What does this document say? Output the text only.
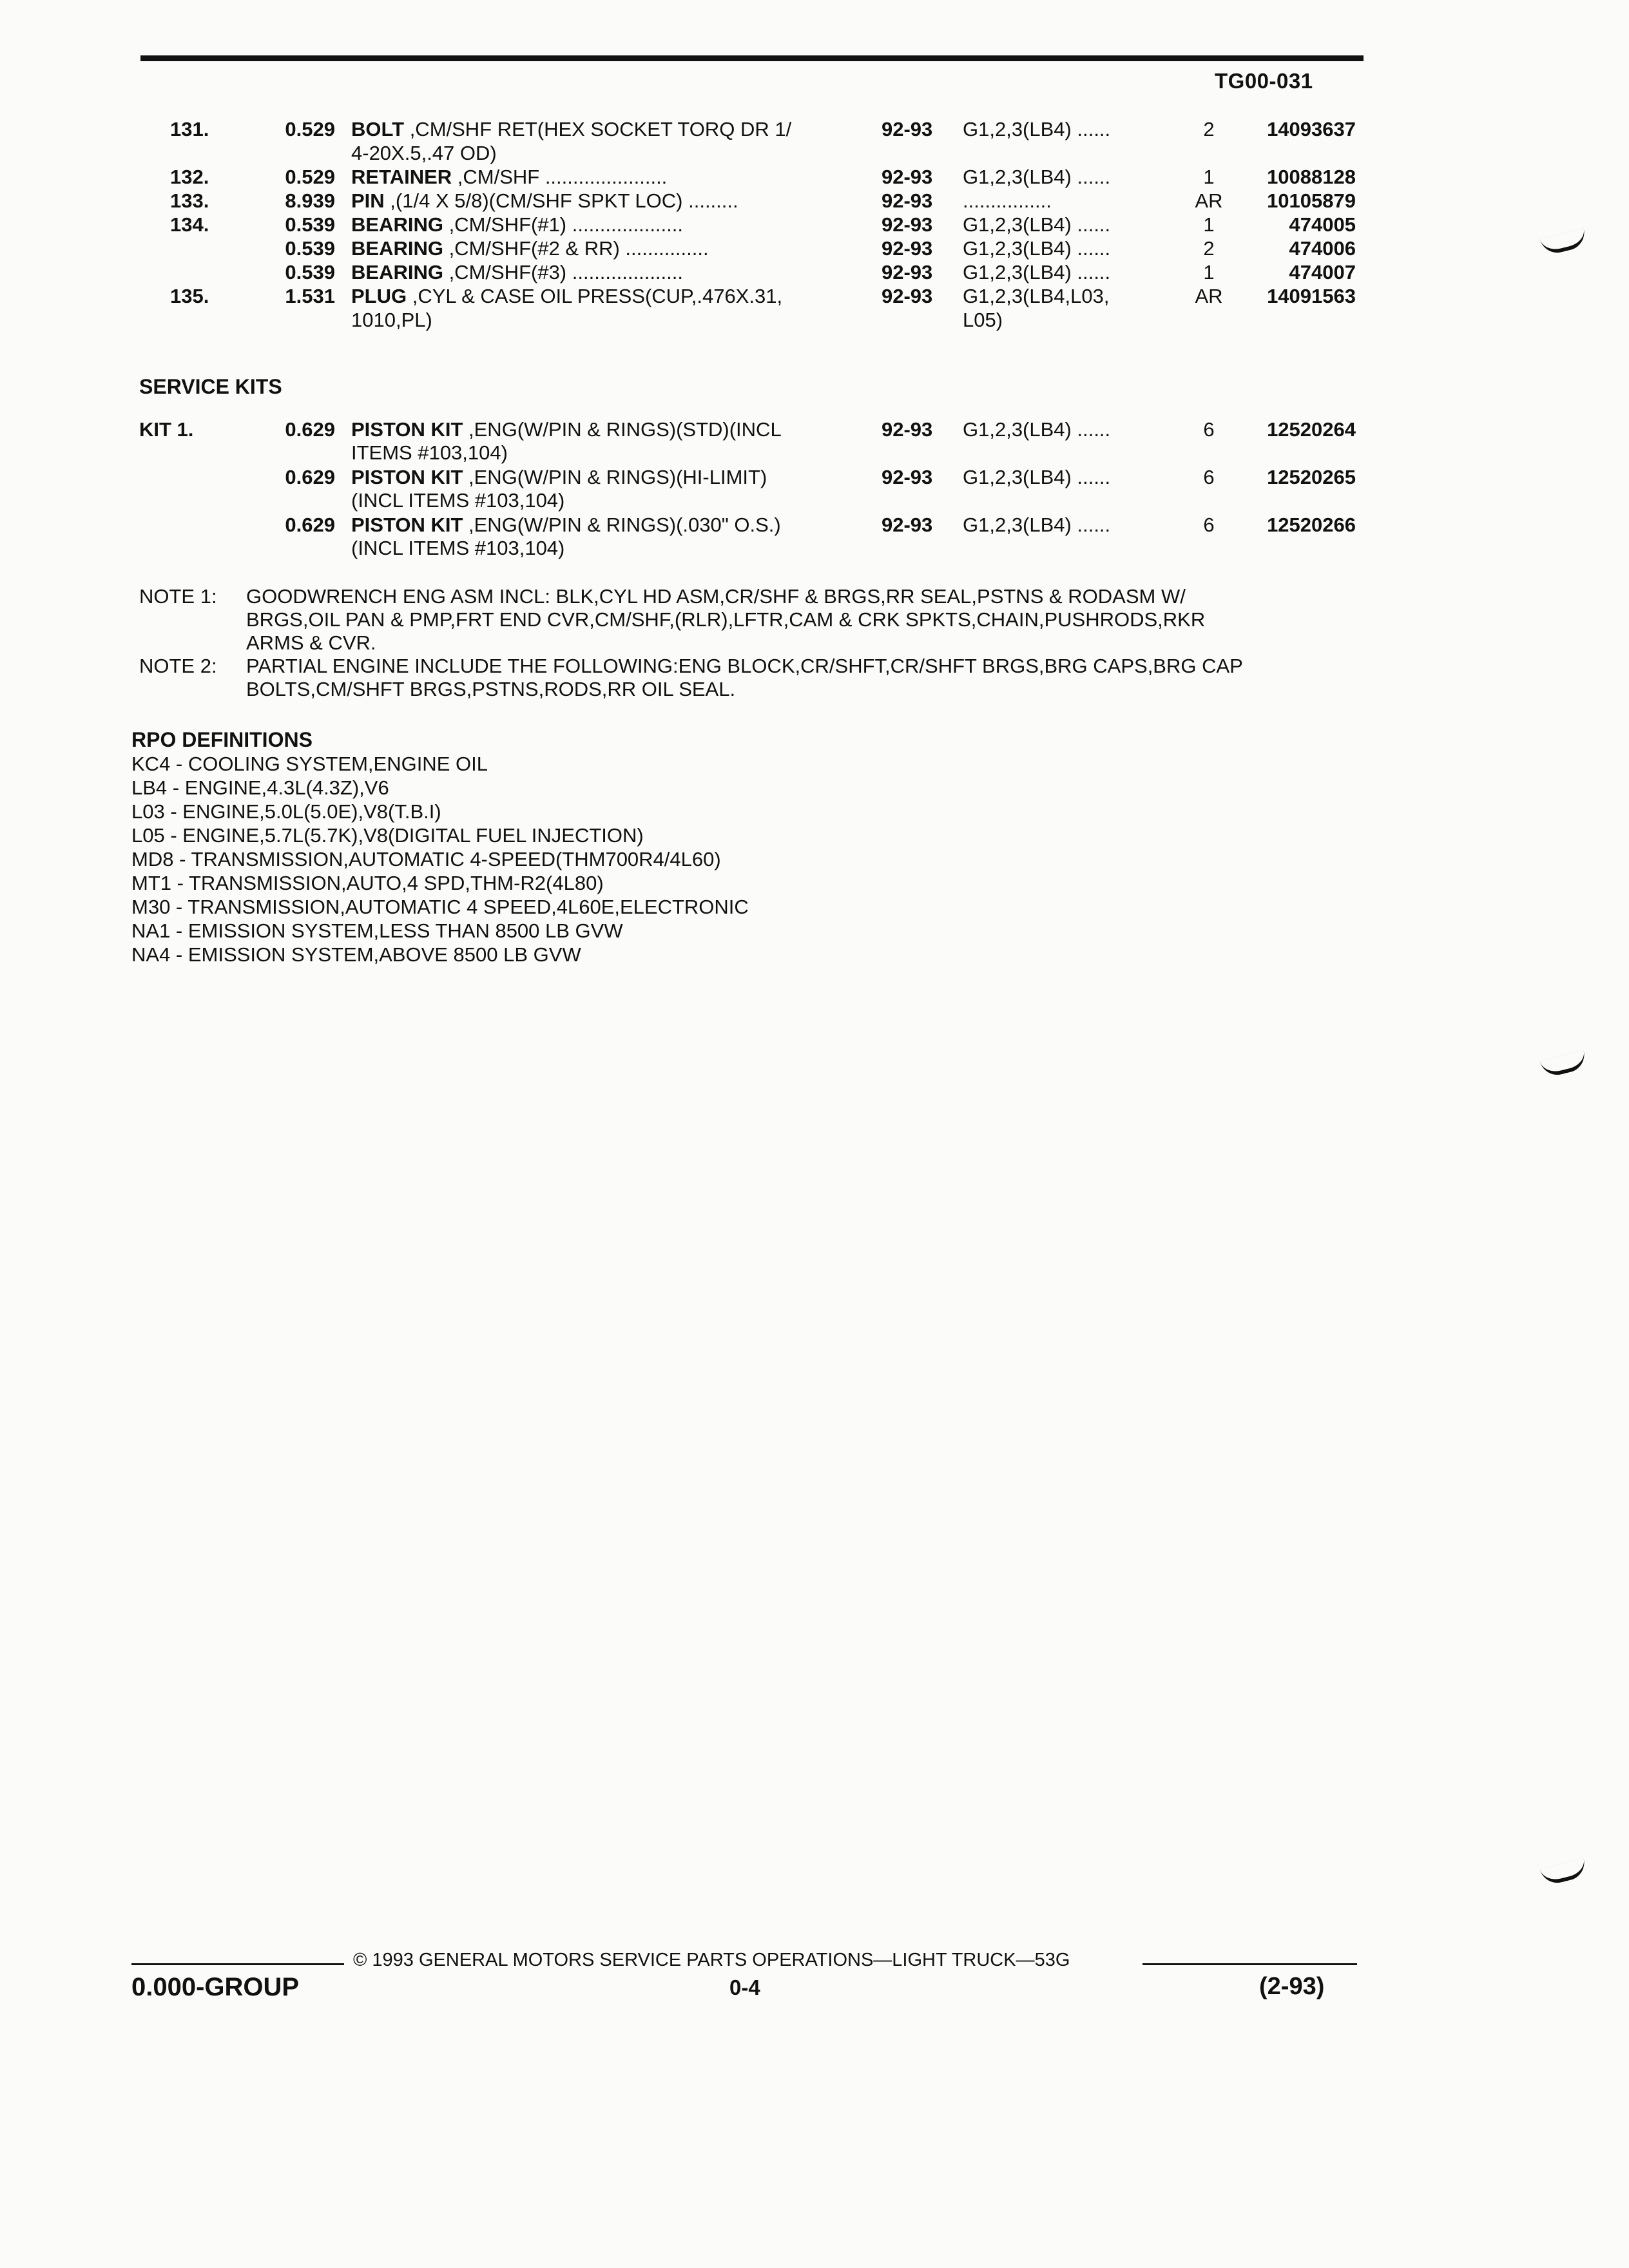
TG00-031
131.	0.529 BOLT ,CM/SHF RET(HEX SOCKET TORQ DR 1/	92-93 G1,2,3(LB4) ......	2	14093637
4-20X.5,.47 OD)
132.	0.529 RETAINER ,CM/SHF ......................	92-93 G1,2,3(LB4) ......	1	10088128
133.	8.939 PIN ,(1/4 X 5/8)(CM/SHF SPKT LOC) .........	92-93 ................	AR	10105879
134.	0.539 BEARING ,CM/SHF(#1) ....................	92-93 G1,2,3(LB4) ......	1	474005
0.539 BEARING ,CM/SHF(#2 & RR) ...............	92-93 G1,2,3(LB4) ......	2	474006
0.539 BEARING ,CM/SHF(#3) ....................	92-93 G1,2,3(LB4) ......	1	474007
135.	1.531 PLUG ,CYL & CASE OIL PRESS(CUP,.476X.31,	92-93 G1,2,3(LB4,L03,	AR	14091563
1010,PL)	L05)
SERVICE KITS
KIT 1.	0.629 PISTON KIT ,ENG(W/PIN & RINGS)(STD)(INCL	92-93 G1,2,3(LB4) ......	6	12520264
ITEMS #103,104)
0.629 PISTON KIT ,ENG(W/PIN & RINGS)(HI-LIMIT)	92-93 G1,2,3(LB4) ......	6	12520265
(INCL ITEMS #103,104)
0.629 PISTON KIT ,ENG(W/PIN & RINGS)(.030" O.S.)	92-93 G1,2,3(LB4) ......	6	12520266
(INCL ITEMS #103,104)
NOTE 1: GOODWRENCH ENG ASM INCL: BLK,CYL HD ASM,CR/SHF & BRGS,RR SEAL,PSTNS & RODASM W/
BRGS,OIL PAN & PMP,FRT END CVR,CM/SHF,(RLR),LFTR,CAM & CRK SPKTS,CHAIN,PUSHRODS,RKR
ARMS & CVR.
NOTE 2: PARTIAL ENGINE INCLUDE THE FOLLOWING:ENG BLOCK,CR/SHFT,CR/SHFT BRGS,BRG CAPS,BRG CAP
BOLTS,CM/SHFT BRGS,PSTNS,RODS,RR OIL SEAL.
RPO DEFINITIONS
KC4 - COOLING SYSTEM,ENGINE OIL
LB4 - ENGINE,4.3L(4.3Z),V6
L03 - ENGINE,5.0L(5.0E),V8(T.B.I)
L05 - ENGINE,5.7L(5.7K),V8(DIGITAL FUEL INJECTION)
MD8 - TRANSMISSION,AUTOMATIC 4-SPEED(THM700R4/4L60)
MT1 - TRANSMISSION,AUTO,4 SPD,THM-R2(4L80)
M30 - TRANSMISSION,AUTOMATIC 4 SPEED,4L60E,ELECTRONIC
NA1 - EMISSION SYSTEM,LESS THAN 8500 LB GVW
NA4 - EMISSION SYSTEM,ABOVE 8500 LB GVW
© 1993 GENERAL MOTORS SERVICE PARTS OPERATIONS—LIGHT TRUCK—53G
0.000-GROUP	0-4	(2-93)
